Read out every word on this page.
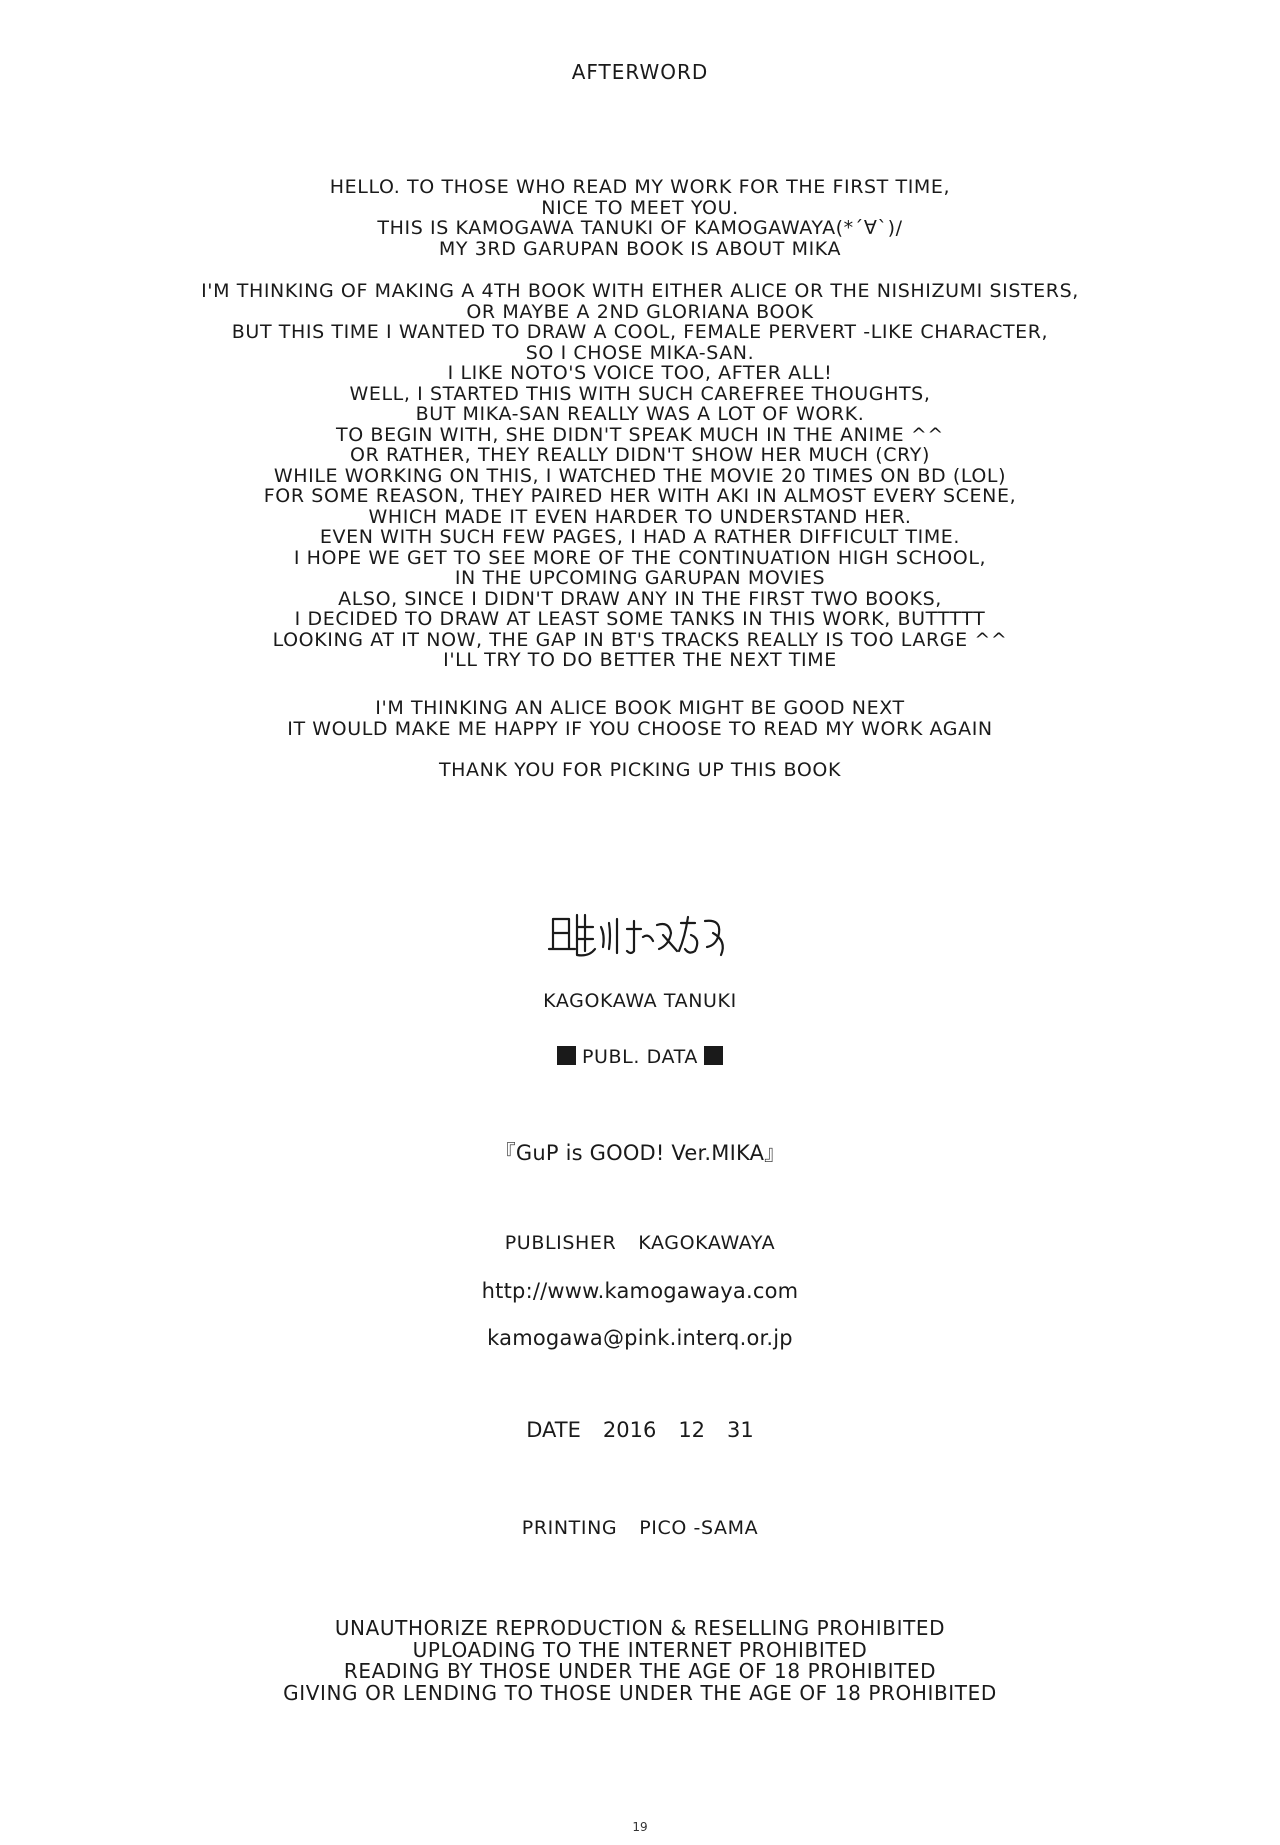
AFTERWORD
HELLO. TO THOSE WHO READ MY WORK FOR THE FIRST TIME,
NICE TO MEET YOU.
THIS IS KAMOGAWA TANUKI OF KAMOGAWAYA(*´∀`)/
MY 3RD GARUPAN BOOK IS ABOUT MIKA
I'M THINKING OF MAKING A 4TH BOOK WITH EITHER ALICE OR THE NISHIZUMI SISTERS,
OR MAYBE A 2ND GLORIANA BOOK
BUT THIS TIME I WANTED TO DRAW A COOL, FEMALE PERVERT -LIKE CHARACTER,
SO I CHOSE MIKA-SAN.
I LIKE NOTO'S VOICE TOO, AFTER ALL!
WELL, I STARTED THIS WITH SUCH CAREFREE THOUGHTS,
BUT MIKA-SAN REALLY WAS A LOT OF WORK.
TO BEGIN WITH, SHE DIDN'T SPEAK MUCH IN THE ANIME ^^
OR RATHER, THEY REALLY DIDN'T SHOW HER MUCH (CRY)
WHILE WORKING ON THIS, I WATCHED THE MOVIE 20 TIMES ON BD (LOL)
FOR SOME REASON, THEY PAIRED HER WITH AKI IN ALMOST EVERY SCENE,
WHICH MADE IT EVEN HARDER TO UNDERSTAND HER.
EVEN WITH SUCH FEW PAGES, I HAD A RATHER DIFFICULT TIME.
I HOPE WE GET TO SEE MORE OF THE CONTINUATION HIGH SCHOOL,
IN THE UPCOMING GARUPAN MOVIES
ALSO, SINCE I DIDN'T DRAW ANY IN THE FIRST TWO BOOKS,
I DECIDED TO DRAW AT LEAST SOME TANKS IN THIS WORK, BUTTTTT
LOOKING AT IT NOW, THE GAP IN BT'S TRACKS REALLY IS TOO LARGE ^^
I'LL TRY TO DO BETTER THE NEXT TIME
I'M THINKING AN ALICE BOOK MIGHT BE GOOD NEXT
IT WOULD MAKE ME HAPPY IF YOU CHOOSE TO READ MY WORK AGAIN
THANK YOU FOR PICKING UP THIS BOOK
KAGOKAWA TANUKI
PUBL. DATA
『GuP is GOOD! Ver.MIKA』
PUBLISHER KAGOKAWAYA
http://www.kamogawaya.com
kamogawa@pink.interq.or.jp
DATE 2016 12 31
PRINTING PICO -SAMA
UNAUTHORIZE REPRODUCTION & RESELLING PROHIBITED
UPLOADING TO THE INTERNET PROHIBITED
READING BY THOSE UNDER THE AGE OF 18 PROHIBITED
GIVING OR LENDING TO THOSE UNDER THE AGE OF 18 PROHIBITED
19
